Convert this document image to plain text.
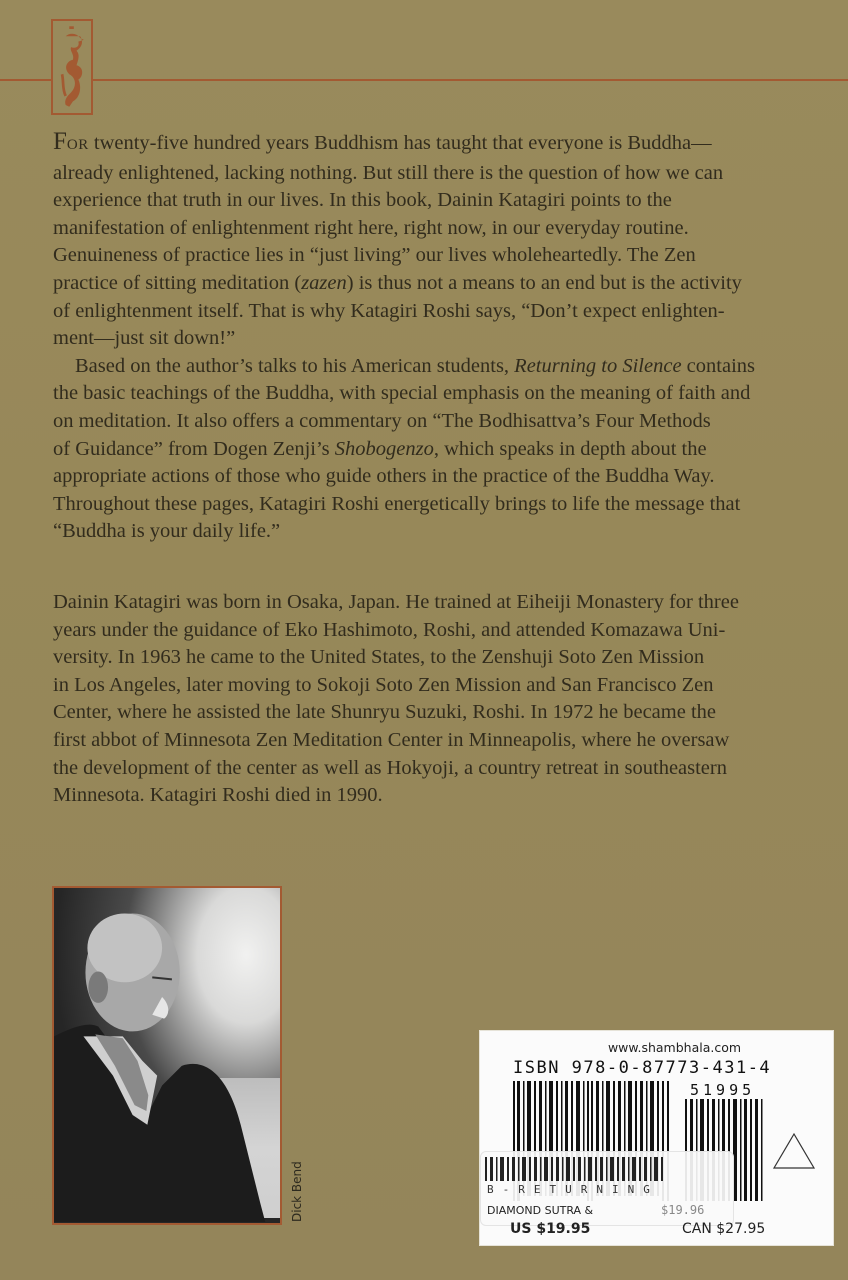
FOR twenty-five hundred years Buddhism has taught that everyone is Buddha—
already enlightened, lacking nothing. But still there is the question of how we can
experience that truth in our lives. In this book, Dainin Katagiri points to the
manifestation of enlightenment right here, right now, in our everyday routine.
Genuineness of practice lies in “just living” our lives wholeheartedly. The Zen
practice of sitting meditation (zazen) is thus not a means to an end but is the activity
of enlightenment itself. That is why Katagiri Roshi says, “Don’t expect enlighten-
ment—just sit down!”

Based on the author’s talks to his American students, Returning to Silence contains
the basic teachings of the Buddha, with special emphasis on the meaning of faith and
on meditation. It also offers a commentary on “The Bodhisattva’s Four Methods
of Guidance” from Dogen Zenji’s Shobogenzo, which speaks in depth about the
appropriate actions of those who guide others in the practice of the Buddha Way.
Throughout these pages, Katagiri Roshi energetically brings to life the message that
“Buddha is your daily life.”

Dainin Katagiri was born in Osaka, Japan. He trained at Eiheiji Monastery for three
years under the guidance of Eko Hashimoto, Roshi, and attended Komazawa Uni-
versity. In 1963 he came to the United States, to the Zenshuji Soto Zen Mission
in Los Angeles, later moving to Sokoji Soto Zen Mission and San Francisco Zen
Center, where he assisted the late Shunryu Suzuki, Roshi. In 1972 he became the
first abbot of Minnesota Zen Meditation Center in Minneapolis, where he oversaw
the development of the center as well as Hokyoji, a country retreat in southeastern
Minnesota. Katagiri Roshi died in 1990.

Dick Bend
www.shambhala.com
ISBN 978-0-87773-431-4
51995
B-RETURNING
DIAMOND SUTRA &	$19.96
US $19.95	CAN $27.95
